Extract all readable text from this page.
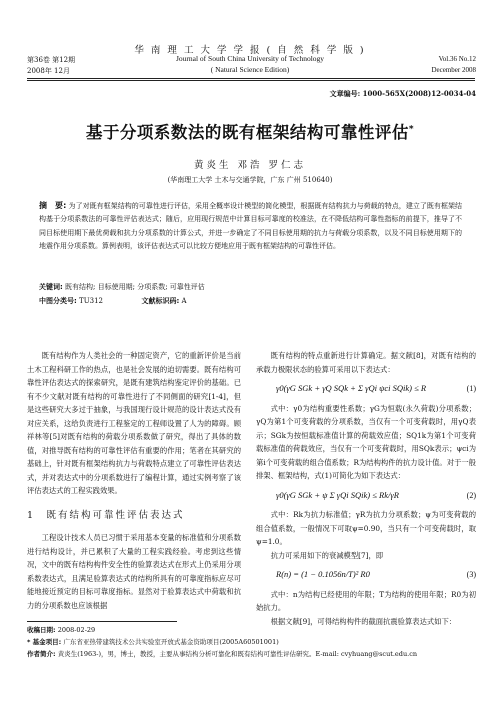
华 南 理 工 大 学 学 报 ( 自 然 科 学 版 )
Journal of South China University of Technology
( Natural Science Edition)
第36卷 第12期
2008年 12月
Vol.36 No.12
December 2008
文章编号: 1000-565X(2008)12-0034-04
基于分项系数法的既有框架结构可靠性评估*
黄炎生 邓浩 罗仁志
(华南理工大学 土木与交通学院，广东 广州 510640)
摘　要: 为了对既有框架结构的可靠性进行评估，采用全概率设计模型的简化模型，根据既有结构抗力与荷载的特点，建立了既有框架结构基于分项系数法的可靠性评估表达式；随后，应用现行规范中计算目标可靠度的校准法，在不降低结构可靠性指标的前提下，推导了不同目标使用期下最优荷载和抗力分项系数的计算公式，并进一步确定了不同目标使用期的抗力与荷载分项系数，以及不同目标使用期下的地震作用分项系数。算例表明，该评估表达式可以比较方便地应用于既有框架结构的可靠性评估。
关键词: 既有结构; 目标使用期; 分项系数; 可靠性评估
中图分类号: TU312	文献标识码: A

既有结构作为人类社会的一种固定资产，它的重新评价是当前土木工程科研工作的热点，也是社会发展的迫切需要。既有结构可靠性评估表达式的探索研究，是既有建筑结构鉴定评价的基础。已有不少文献对既有结构的可靠性进行了不同侧面的研究[1-4]，但是这些研究大多过于抽象，与我国现行设计规范的设计表达式没有对应关系，这给负责进行工程鉴定的工程师设置了人为的障碍。顾祥林等[5]对既有结构的荷载分项系数做了研究，得出了具体的数值，对推导既有结构的可靠性评估有重要的作用；笔者在其研究的基础上，针对既有框架结构抗力与荷载特点建立了可靠性评估表达式，并对表达式中的分项系数进行了编程计算，通过实例考察了该评估表达式的工程实践效果。

1　既有结构可靠性评估表达式

工程设计技术人员已习惯于采用基本变量的标准值和分项系数进行结构设计，并已累积了大量的工程实践经验。考虑到这些情况，文中的既有结构构件安全性的验算表达式在形式上仍采用分项系数表达式，且满足验算表达式的结构所具有的可靠度指标应尽可能地接近预定的目标可靠度指标。显然对于验算表达式中荷载和抗力的分项系数也应该根据

既有结构的特点重新进行计算确定。据文献[8]，对既有结构的承载力极限状态的验算可采用以下表达式：

γ0(γG SGk + γQ SQk + Σ γQi ψci SQik) ≤ R	(1)

式中：γ0为结构重要性系数；γG为恒载(永久荷载)分项系数；γQ为第1个可变荷载的分项系数，当仅有一个可变荷载时，用γQ表示；SGk为按恒载标准值计算的荷载效应值；SQ1k为第1个可变荷载标准值的荷载效应，当仅有一个可变荷载时，用SQk表示；ψci为第i个可变荷载的组合值系数；R为结构构件的抗力设计值。对于一般排架、框架结构，式(1)可简化为如下表达式：

γ0(γG SGk + ψ Σ γQi SQik) ≤ Rk/γR	(2)

式中：Rk为抗力标准值；γR为抗力分项系数；ψ为可变荷载的组合值系数，一般情况下可取ψ=0.90，当只有一个可变荷载时，取ψ=1.0。

抗力可采用如下的衰减模型[7]，即

R(n) = (1 − 0.1056n/T)² R0	(3)

式中：n为结构已经使用的年限；T为结构的使用年限；R0为初始抗力。

根据文献[9]，可得结构构件的截面抗震验算表达式如下：

收稿日期: 2008-02-29
* 基金项目: 广东省亚热带建筑技术公共实验室开放式基金资助项目(2005A60501001)
作者简介: 黄炎生(1963-)，男，博士，教授，主要从事结构分析可靠化和既有结构可靠性评估研究。E-mail: cvyhuang@scut.edu.cn
